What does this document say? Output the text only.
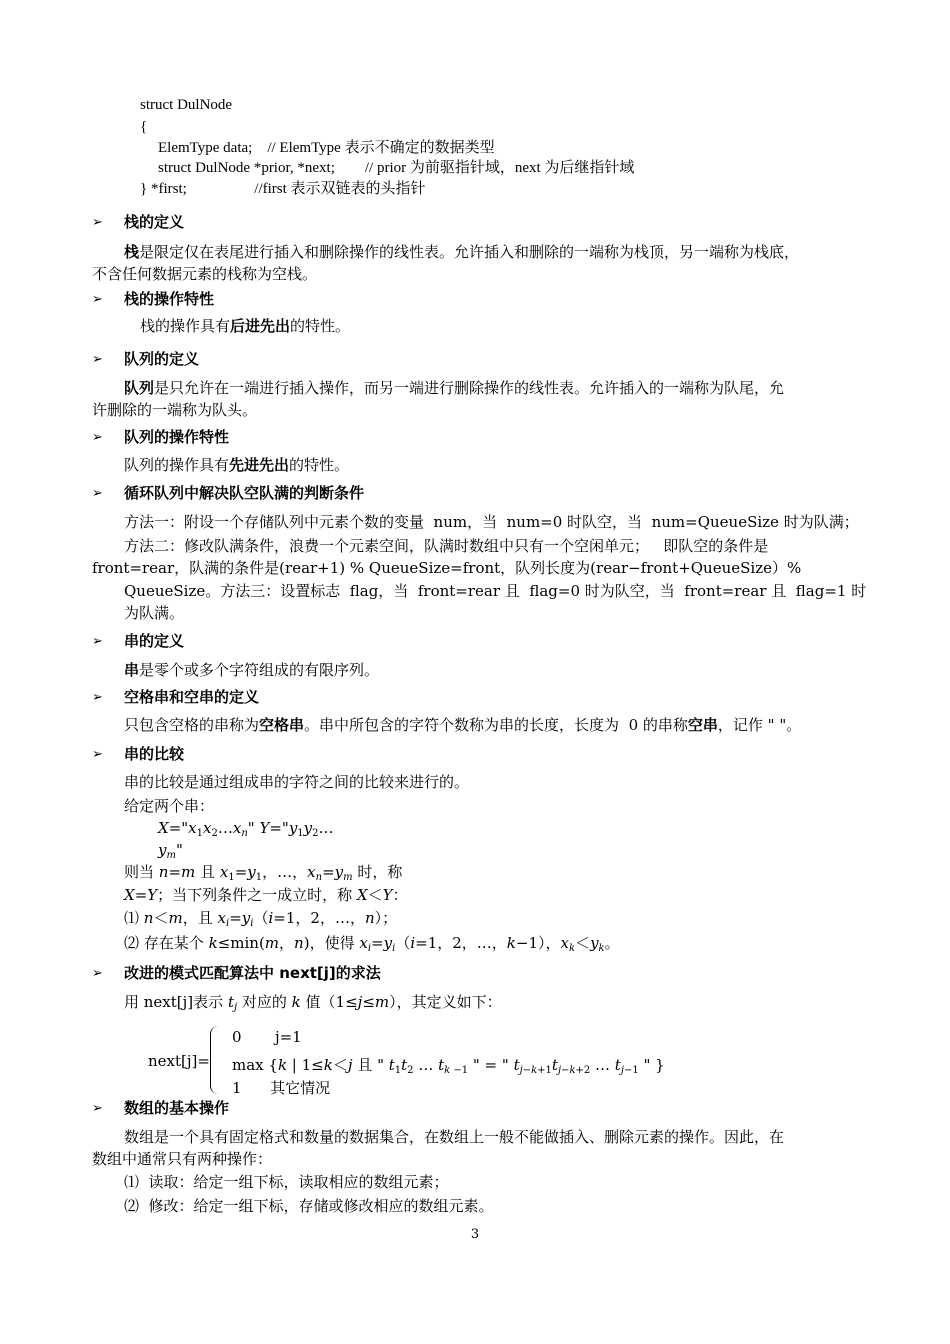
struct DulNode
{
ElemType data;    // ElemType 表示不确定的数据类型
struct DulNode *prior, *next;        // prior 为前驱指针域，next 为后继指针域
} *first;                  //first 表示双链表的头指针
➢ 栈的定义
栈是限定仅在表尾进行插入和删除操作的线性表。允许插入和删除的一端称为栈顶，另一端称为栈底，
不含任何数据元素的栈称为空栈。
➢ 栈的操作特性
栈的操作具有后进先出的特性。
➢ 队列的定义
队列是只允许在一端进行插入操作，而另一端进行删除操作的线性表。允许插入的一端称为队尾，允
许删除的一端称为队头。
➢ 队列的操作特性
队列的操作具有先进先出的特性。
➢ 循环队列中解决队空队满的判断条件
方法一：附设一个存储队列中元素个数的变量  num，当  num=0 时队空，当  num=QueueSize 时为队满；
方法二：修改队满条件，浪费一个元素空间，队满时数组中只有一个空闲单元；   即队空的条件是
front=rear，队满的条件是(rear+1) % QueueSize=front，队列长度为(rear−front+QueueSize）%
QueueSize。方法三：设置标志  flag，当  front=rear 且  flag=0 时为队空，当  front=rear 且  flag=1 时
为队满。
➢ 串的定义
串是零个或多个字符组成的有限序列。
➢ 空格串和空串的定义
只包含空格的串称为空格串。串中所包含的字符个数称为串的长度，长度为  0 的串称空串，记作 " "。
➢ 串的比较
串的比较是通过组成串的字符之间的比较来进行的。
给定两个串：
$X="x_1x_2\dots x_n$" $Y="y_1y_2\dots$
$y_m$"
则当 n=m 且 $x_1=y_1$，…，$x_n=y_m$ 时，称
X=Y；当下列条件之一成立时，称 X＜Y：
⑴ n＜m，且 $x_i=y_i(i=1$，2，…，n）；
⑵ 存在某个 k≤min(m，n)，使得 $x_i=y_i(i=1$，2，…，k−1），$x_k<y_k$。
➢ 改进的模式匹配算法中 next[j]的求法
用 next[j]表示 $t_j$ 对应的 k 值（1≤j≤m），其定义如下：
next[j]=
0 j=1
max {k | 1≤k＜j 且 " $t_1t_2$ … $t_{k -1}$ " = " $t_{j-k+1}t_{j-k+2}$ … $t_{j-1}$ " }
1 其它情况
➢ 数组的基本操作
数组是一个具有固定格式和数量的数据集合，在数组上一般不能做插入、删除元素的操作。因此，在
数组中通常只有两种操作：
⑴  读取：给定一组下标，读取相应的数组元素；
⑵  修改：给定一组下标，存储或修改相应的数组元素。
3
